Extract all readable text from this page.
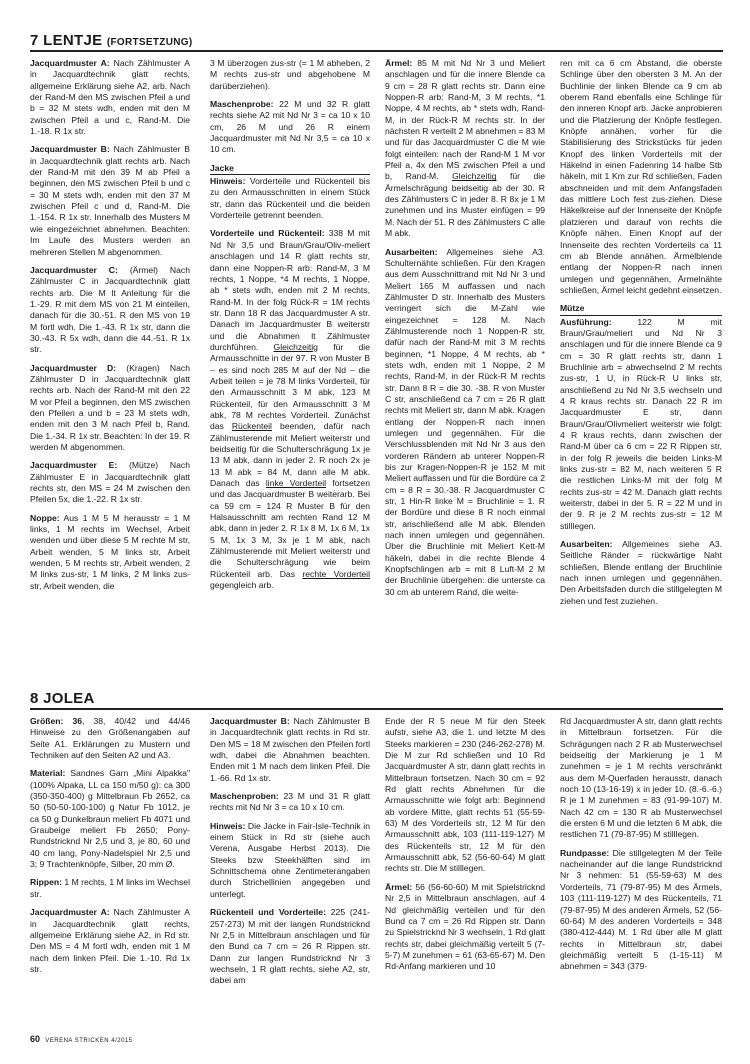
7 LENTJE (FORTSETZUNG)

Jacquardmuster A: Nach Zählmuster A in Jacquardtechnik glatt rechts, allgemeine Erklärung siehe A2, arb. Nach der Rand-M den MS zwischen Pfeil a und b = 32 M stets wdh, enden mit den M zwischen Pfeil a und c, Rand-M. Die 1.-18. R 1x str.

Jacquardmuster B: Nach Zählmuster B in Jacquardtechnik glatt rechts arb. Nach der Rand-M mit den 39 M ab Pfeil a beginnen, den MS zwischen Pfeil b und c = 30 M stets wdh, enden mit den 37 M zwischen Pfeil c und d, Rand-M. Die 1.-154. R 1x str. Innerhalb des Musters M wie eingezeichnet abnehmen. Beachten: Im Laufe des Musters werden an mehreren Stellen M abgenommen.

Jacquardmuster C: (Ärmel) Nach Zählmuster C in Jacquardtechnik glatt rechts arb. Die M lt Anleitung für die 1.-29. R mit dem MS von 21 M einteilen, danach für die 30.-51. R den MS von 19 M fortl wdh. Die 1.-43. R 1x str, dann die 30.-43. R 5x wdh, dann die 44.-51. R 1x str.

Jacquardmuster D: (Kragen) Nach Zählmuster D in Jacquardtechnik glatt rechts arb. Nach der Rand-M mit den 22 M vor Pfeil a beginnen, den MS zwischen den Pfeilen a und b = 23 M stets wdh, enden mit den 3 M nach Pfeil b, Rand. Die 1.-34. R 1x str. Beachten: In der 19. R werden M abgenommen.

Jacquardmuster E: (Mütze) Nach Zählmuster E in Jacquardtechnik glatt rechts str, den MS = 24 M zwischen den Pfeilen 5x, die 1.-22. R 1x str.

Noppe: Aus 1 M 5 M herausstr = 1 M links, 1 M rechts im Wechsel, Arbeit wenden und über diese 5 M rechte M str, Arbeit wenden, 5 M links str, Arbeit wenden, 5 M rechts str, Arbeit wenden, 2 M links zus-str, 1 M links, 2 M links zus-str, Arbeit wenden, die

3 M überzogen zus-str (= 1 M abheben, 2 M rechts zus-str und abgehobene M darüberziehen).

Maschenprobe: 22 M und 32 R glatt rechts siehe A2 mit Nd Nr 3 = ca 10 x 10 cm, 26 M und 26 R einem Jacquardmuster mit Nd Nr 3,5 = ca 10 x 10 cm.

Jacke

Hinweis: Vorderteile und Rückenteil bis zu den Armausschnitten in einem Stück str, dann das Rückenteil und die beiden Vorderteile getrennt beenden.

Vorderteile und Rückenteil: 338 M mit Nd Nr 3,5 und Braun/Grau/Oliv-meliert anschlagen und 14 R glatt rechts str, dann eine Noppen-R arb: Rand-M, 3 M rechts, 1 Noppe, *4 M rechts, 1 Noppe, ab * stets wdh, enden mit 2 M rechts, Rand-M. In der folg Rück-R = 1M rechts str. Dann 18 R das Jacquardmuster A str. Danach im Jacquardmuster B weiterstr und die Abnahmen lt Zählmuster durchführen. Gleichzeitig für die Armausschnitte in der 97. R von Muster B – es sind noch 285 M auf der Nd – die Arbeit teilen = je 78 M links Vorderteil, für den Armausschnitt 3 M abk, 123 M Rückenteil, für den Armausschnitt 3 M abk, 78 M rechtes Vorderteil. Zunächst das Rückenteil beenden, dafür nach Zählmusterende mit Meliert weiterstr und beidseitig für die Schulterschrägung 1x je 13 M abk, dann in jeder 2. R noch 2x je 13 M abk = 84 M, dann alle M abk. Danach das linke Vorderteil fortsetzen und das Jacquardmuster B weiterarb. Bei ca 59 cm = 124 R Muster B für den Halsausschnitt am rechten Rand 12 M abk, dann in jeder 2. R 1x 8 M, 1x 6 M, 1x 5 M, 1x 3 M, 3x je 1 M abk, nach Zählmusterende mit Meliert weiterstr und die Schulterschrägung wie beim Rückenteil arb. Das rechte Vorderteil gegengleich arb.

Ärmel: 85 M mit Nd Nr 3 und Meliert anschlagen und für die innere Blende ca 9 cm = 28 R glatt rechts str. Dann eine Noppen-R arb: Rand-M, 3 M rechts, *1 Noppe, 4 M rechts, ab * stets wdh, Rand-M, in der Rück-R M rechts str. In der nächsten R verteilt 2 M abnehmen = 83 M und für das Jacquardmuster C die M wie folgt einteilen: nach der Rand-M 1 M vor Pfeil a, 4x den MS zwischen Pfeil a und b, Rand-M. Gleichzeitig für die Ärmelschrägung beidseitig ab der 30. R des Zählmusters C in jeder 8. R 8x je 1 M zunehmen und ins Muster einfügen = 99 M. Nach der 51. R des Zählmusters C alle M abk.

Ausarbeiten: Allgemeines siehe A3. Schulternähte schließen. Für den Kragen aus dem Ausschnittrand mit Nd Nr 3 und Meliert 165 M auffassen und nach Zählmuster D str. Innerhalb des Musters verringert sich die M-Zahl wie eingezeichnet = 128 M. Nach Zählmusterende noch 1 Noppen-R str, dafür nach der Rand-M mit 3 M rechts beginnen, *1 Noppe, 4 M rechts, ab * stets wdh, enden mit 1 Noppe, 2 M rechts, Rand-M, in der Rück-R M rechts str. Dann 8 R = die 30. -38. R von Muster C str, anschließend ca 7 cm = 26 R glatt rechts mit Meliert str, dann M abk. Kragen entlang der Noppen-R nach innen umlegen und gegennähen. Für die Verschlussblenden mit Nd Nr 3 aus den vorderen Rändern ab unterer Noppen-R bis zur Kragen-Noppen-R je 152 M mit Meliert auffassen und für die Bordüre ca 2 cm = 8 R = 30.-38. R Jacquardmuster C str, 1 Hin-R linke M = Bruchlinie = 1. R der Bordüre und diese 8 R noch einmal str, anschließend alle M abk. Blenden nach innen umlegen und gegennähen. Über die Bruchlinie mit Meliert Kett-M häkeln, dabei in die rechte Blende 4 Knopfschlingen arb = mit 8 Luft-M 2 M der Bruchlinie übergehen: die unterste ca 30 cm ab unterem Rand, die weite-

ren mit ca 6 cm Abstand, die oberste Schlinge über den obersten 3 M. An der Buchlinie der linken Blende ca 9 cm ab oberem Rand ebenfalls eine Schlinge für den inneren Knopf arb. Jacke anprobieren und die Platzierung der Knöpfe festlegen. Knöpfe annähen, vorher für die Stabilisierung des Strickstücks für jeden Knopf des linken Vorderteils mit der Häkelnd in einen Fadenring 14 halbe Stb häkeln, mit 1 Km zur Rd schließen, Faden abschneiden und mit dem Anfangsfaden das mittlere Loch fest zus-ziehen. Diese Häkelkreise auf der Innenseite der Knöpfe platzieren und darauf von rechts die Knöpfe nähen. Einen Knopf auf der Innenseite des rechten Vorderteils ca 11 cm ab Blende annähen. Ärmelblende entlang der Noppen-R nach innen umlegen und gegennähen, Ärmelnähte schließen, Ärmel leicht gedehnt einsetzen.

Mütze

Ausführung: 122 M mit Braun/Grau/meliert und Nd Nr 3 anschlagen und für die innere Blende ca 9 cm = 30 R glatt rechts str, dann 1 Bruchlinie arb = abwechselnd 2 M rechts zus-str, 1 U, in Rück-R U links str, anschließend zu Nd Nr 3,5 wechseln und 4 R kraus rechts str. Danach 22 R im Jacquardmuster E str, dann Braun/Grau/Olivmeliert weiterstr wie folgt: 4 R kraus rechts, dann zwischen der Rand-M über ca 6 cm = 22 R Rippen str, in der folg R jeweils die beiden Links-M links zus-str = 82 M, nach weiteren 5 R die restlichen Links-M mit der folg M rechts zus-str = 42 M. Danach glatt rechts weiterstr, dabei in der 5. R = 22 M und in der 9. R je 2 M rechts zus-str = 12 M stilllegen.

Ausarbeiten: Allgemeines siehe A3. Seitliche Ränder = rückwärtige Naht schließen, Blende entlang der Bruchlinie nach innen umlegen und gegennähen. Den Arbeitsfaden durch die stillgelegten M ziehen und fest zuziehen.

8 JOLEA

Größen: 36, 38, 40/42 und 44/46 Hinweise zu den Größenangaben auf Seite A1. Erklärungen zu Mustern und Techniken auf den Seiten A2 und A3.

Material: Sandnes Garn „Mini Alpakka" (100% Alpaka, LL ca 150 m/50 g): ca 300 (350-350-400) g Mittelbraun Fb 2652, ca 50 (50-50-100-100) g Natur Fb 1012, je ca 50 g Dunkelbraun meliert Fb 4071 und Graubeige meliert Fb 2650; Pony-Rundstricknd Nr 2,5 und 3, je 80, 60 und 40 cm lang, Pony-Nadelspiel Nr 2,5 und 3; 9 Trachtenknöpfe, Silber, 20 mm Ø.

Rippen: 1 M rechts, 1 M links im Wechsel str.

Jacquardmuster A: Nach Zählmuster A in Jacquardtechnik glatt rechts, allgemeine Erklärung siehe A2, in Rd str. Den MS = 4 M fortl wdh, enden mit 1 M nach dem linken Pfeil. Die 1.-10. Rd 1x str.

Jacquardmuster B: Nach Zählmuster B in Jacquardtechnik glatt rechts in Rd str. Den MS = 18 M zwischen den Pfeilen fortl wdh, dabei die Abnahmen beachten. Enden mit 1 M nach dem linken Pfeil. Die 1.-66. Rd 1x str.

Maschenproben: 23 M und 31 R glatt rechts mit Nd Nr 3 = ca 10 x 10 cm.

Hinweis: Die Jacke in Fair-Isle-Technik in einem Stück in Rd str (siehe auch Verena, Ausgabe Herbst 2013). Die Steeks bzw Steekhälften sind im Schnittschema ohne Zentimeterangaben durch Strichellinien angegeben und unterlegt.

Rückenteil und Vorderteile: 225 (241-257-273) M mit der langen Rundstricknd Nr 2,5 in Mittelbraun anschlagen und für den Bund ca 7 cm = 26 R Rippen str. Dann zur langen Rundstricknd Nr 3 wechseln, 1 R glatt rechts, siehe A2, str, dabei am

Ende der R 5 neue M für den Steek aufstr, siehe A3, die 1. und letzte M des Steeks markieren = 230 (246-262-278) M. Die M zur Rd schließen und 10 Rd Jacquardmuster A str, dann glatt rechts in Mittelbraun fortsetzen. Nach 30 cm = 92 Rd glatt rechts Abnehmen für die Armausschnitte wie folgt arb: Beginnend ab vordere Mitte, glatt rechts 51 (55-59-63) M des Vorderteils str, 12 M für den Armausschnitt abk, 103 (111-119-127) M des Rückenteils str, 12 M für den Armausschnitt abk, 52 (56-60-64) M glatt rechts str. Die M stilllegen.

Ärmel: 56 (56-60-60) M mit Spielstricknd Nr 2,5 in Mittelbraun anschlagen, auf 4 Nd gleichmäßig verteilen und für den Bund ca 7 cm = 26 Rd Rippen str. Dann zu Spielstricknd Nr 3 wechseln, 1 Rd glatt rechts str, dabei gleichmäßig verteilt 5 (7-5-7) M zunehmen = 61 (63-65-67) M. Den Rd-Anfang markieren und 10

Rd Jacquardmuster A str, dann glatt rechts in Mittelbraun fortsetzen. Für die Schrägungen nach 2 R ab Musterwechsel beidseitig der Markierung je 1 M zunehmen = je 1 M rechts verschränkt aus dem M-Querfaden herausstr, danach noch 10 (13-16-19) x in jeder 10. (8.-6.-6.) R je 1 M zunehmen = 83 (91-99-107) M. Nach 42 cm = 130 R ab Musterwechsel die ersten 6 M und die letzten 6 M abk, die restlichen 71 (79-87-95) M stilllegen.

Rundpasse: Die stillgelegten M der Teile nacheinander auf die lange Rundstricknd Nr 3 nehmen: 51 (55-59-63) M des Vorderteils, 71 (79-87-95) M des Ärmels, 103 (111-119-127) M des Rückenteils, 71 (79-87-95) M des anderen Ärmels, 52 (56-60-64) M des anderen Vorderteils = 348 (380-412-444) M. 1 Rd über alle M glatt rechts in Mittelbraun str, dabei gleichmäßig verteilt 5 (1-15-11) M abnehmen = 343 (379-

60 VERENA STRICKEN 4/2015
